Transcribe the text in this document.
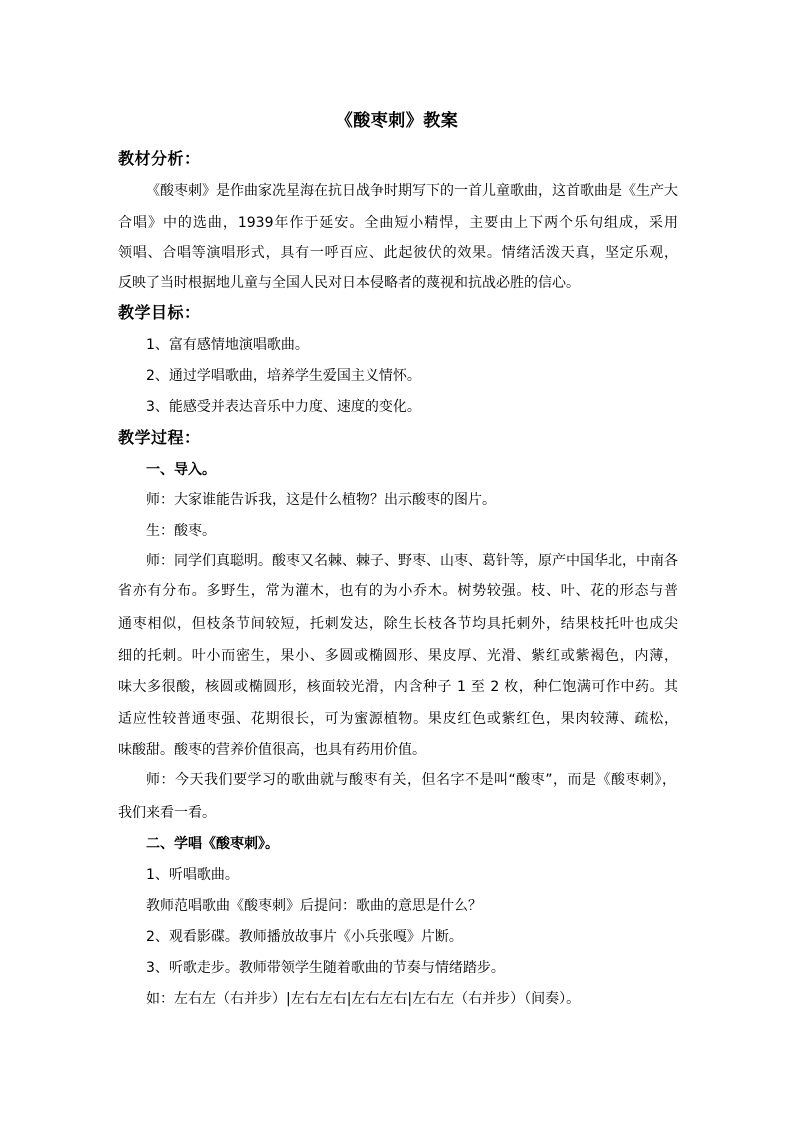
《酸枣刺》教案
教材分析：
《酸枣刺》是作曲家冼星海在抗日战争时期写下的一首儿童歌曲，这首歌曲是《生产大
合唱》中的选曲，1939年作于延安。全曲短小精悍，主要由上下两个乐句组成，采用
领唱、合唱等演唱形式，具有一呼百应、此起彼伏的效果。情绪活泼天真，坚定乐观，
反映了当时根据地儿童与全国人民对日本侵略者的蔑视和抗战必胜的信心。
教学目标：
1、富有感情地演唱歌曲。
2、通过学唱歌曲，培养学生爱国主义情怀。
3、能感受并表达音乐中力度、速度的变化。
教学过程：
一、导入。
师：大家谁能告诉我，这是什么植物？出示酸枣的图片。
生：酸枣。
师：同学们真聪明。酸枣又名棘、棘子、野枣、山枣、葛针等，原产中国华北，中南各
省亦有分布。多野生，常为灌木，也有的为小乔木。树势较强。枝、叶、花的形态与普
通枣相似，但枝条节间较短，托刺发达，除生长枝各节均具托刺外，结果枝托叶也成尖
细的托刺。叶小而密生，果小、多圆或椭圆形、果皮厚、光滑、紫红或紫褐色，内薄，
味大多很酸，核圆或椭圆形，核面较光滑，内含种子 1 至 2 枚，种仁饱满可作中药。其
适应性较普通枣强、花期很长，可为蜜源植物。果皮红色或紫红色，果肉较薄、疏松，
味酸甜。酸枣的营养价值很高，也具有药用价值。
师：今天我们要学习的歌曲就与酸枣有关，但名字不是叫“酸枣”，而是《酸枣刺》，
我们来看一看。
二、学唱《酸枣刺》。
1、听唱歌曲。
教师范唱歌曲《酸枣刺》后提问：歌曲的意思是什么？
2、观看影碟。教师播放故事片《小兵张嘎》片断。
3、听歌走步。教师带领学生随着歌曲的节奏与情绪踏步。
如：左右左（右并步）|左右左右|左右左右|左右左（右并步）（间奏）。
